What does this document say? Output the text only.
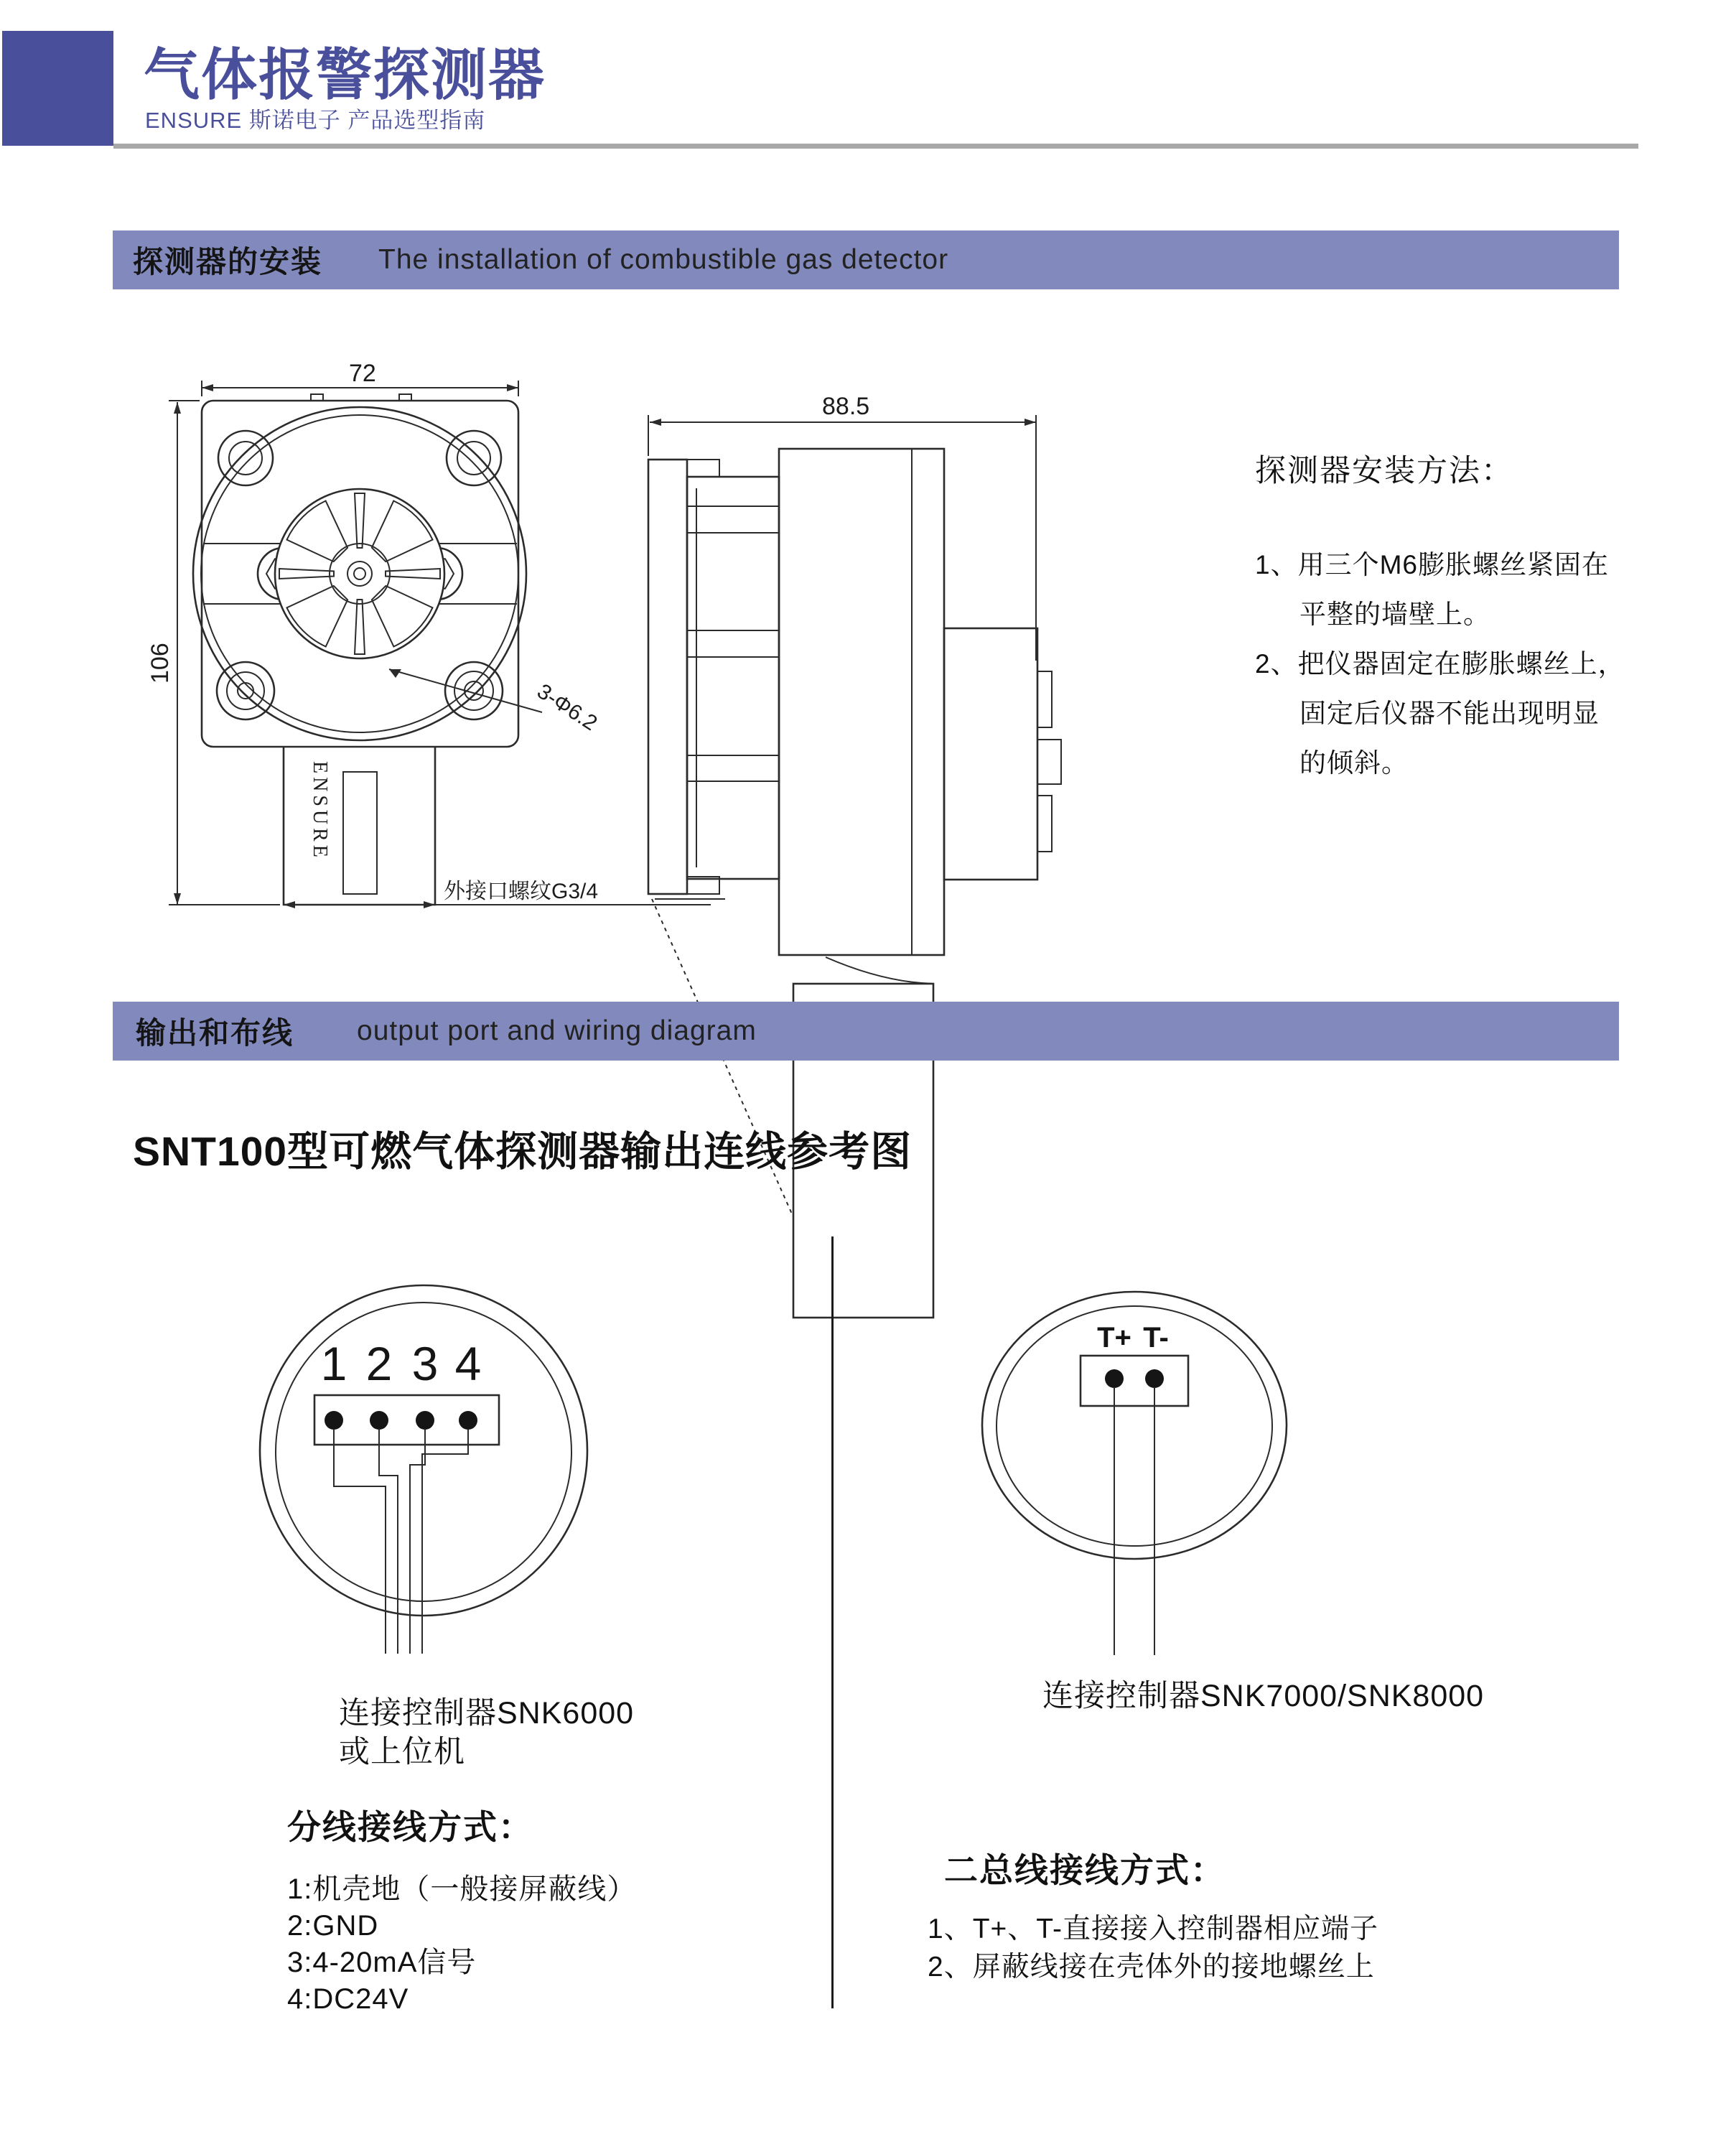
气体报警探测器
ENSURE 斯诺电子 产品选型指南
探测器的安装 The installation of combustible gas detector
72
106
ENSURE
3-Φ6.2
外接口螺纹G3/4
88.5
探测器安装方法：
1、用三个M6膨胀螺丝紧固在
平整的墙壁上。
2、把仪器固定在膨胀螺丝上，
固定后仪器不能出现明显
的倾斜。
输出和布线 output port and wiring diagram
SNT100型可燃气体探测器输出连线参考图
1 2 3 4	T+ T-
连接控制器SNK6000
或上位机
连接控制器SNK7000/SNK8000
分线接线方式：
1:机壳地（一般接屏蔽线）
2:GND
3:4-20mA信号
4:DC24V
二总线接线方式：
1、T+、T-直接接入控制器相应端子
2、屏蔽线接在壳体外的接地螺丝上
